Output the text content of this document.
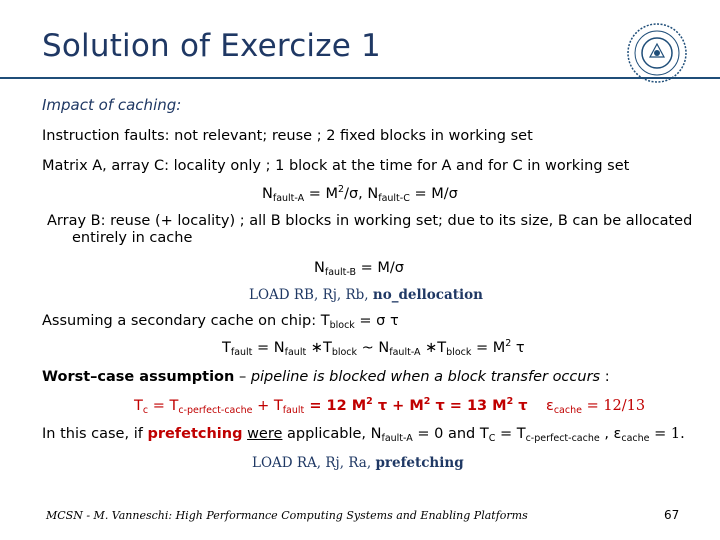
Solution of Exercize 1
Impact of caching:
Instruction faults: not relevant; reuse ; 2 fixed blocks in working set
Matrix A, array C: locality only ; 1 block at the time for A and for C in working set
$N_{fault-A} = M^2/\sigma$, $N_{fault-C} = M/\sigma$
Array B: reuse (+ locality) ; all B blocks in working set; due to its size, B can be allocated
entirely in cache
$N_{fault-B} = M/\sigma$
LOAD RB, Rj, Rb, no_dellocation
Assuming a secondary cache on chip: $T_{block} = \sigma$ τ
$T_{fault} = N_{fault}$ $∗T_{block}$ ~ $N_{fault-A}$ $∗T_{block} = M^2$ τ
Worst–case assumption – pipeline is blocked when a block transfer occurs :
$T_c = T_{c-perfect-cache} + T_{fault} = 12$ $M^2$ $\tau + M^2$ τ = 13 $M^2$ τ $\varepsilon_{cache} = 12/13$
In this case, if prefetching were applicable, $N_{fault-A} = 0$ and $T_C = T_{c-perfect-cache}$ , $\varepsilon_{cache} = 1$.
LOAD RA, Rj, Ra, prefetching
MCSN - M. Vanneschi: High Performance Computing Systems and Enabling Platforms	67
